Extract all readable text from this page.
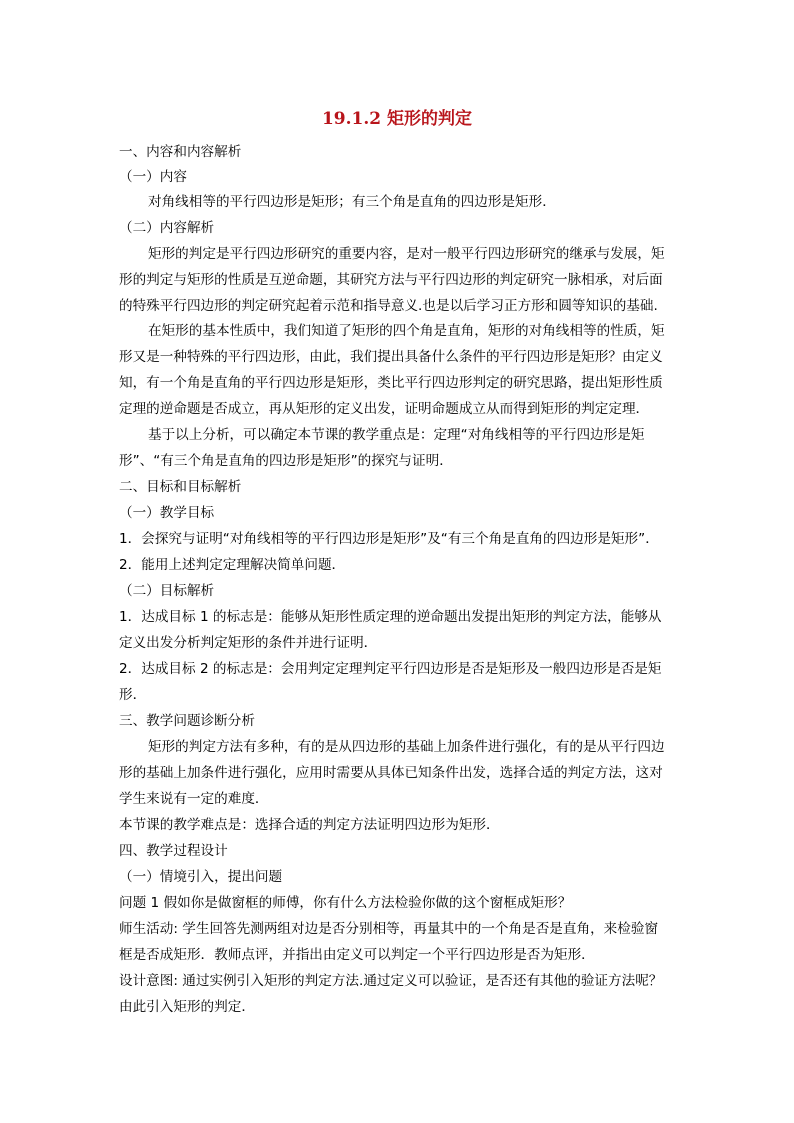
19.1.2 矩形的判定
一、内容和内容解析
（一）内容
对角线相等的平行四边形是矩形；有三个角是直角的四边形是矩形．
（二）内容解析
矩形的判定是平行四边形研究的重要内容，是对一般平行四边形研究的继承与发展，矩
形的判定与矩形的性质是互逆命题，其研究方法与平行四边形的判定研究一脉相承，对后面
的特殊平行四边形的判定研究起着示范和指导意义.也是以后学习正方形和圆等知识的基础.
在矩形的基本性质中，我们知道了矩形的四个角是直角，矩形的对角线相等的性质，矩
形又是一种特殊的平行四边形，由此，我们提出具备什么条件的平行四边形是矩形？由定义
知，有一个角是直角的平行四边形是矩形，类比平行四边形判定的研究思路，提出矩形性质
定理的逆命题是否成立，再从矩形的定义出发，证明命题成立从而得到矩形的判定定理．
基于以上分析，可以确定本节课的教学重点是：定理“对角线相等的平行四边形是矩
形”、“有三个角是直角的四边形是矩形”的探究与证明．
二、目标和目标解析
（一）教学目标
1．会探究与证明“对角线相等的平行四边形是矩形”及“有三个角是直角的四边形是矩形”．
2．能用上述判定定理解决简单问题．
（二）目标解析
1．达成目标 1 的标志是：能够从矩形性质定理的逆命题出发提出矩形的判定方法，能够从
定义出发分析判定矩形的条件并进行证明．
2．达成目标 2 的标志是：会用判定定理判定平行四边形是否是矩形及一般四边形是否是矩
形．
三、教学问题诊断分析
矩形的判定方法有多种，有的是从四边形的基础上加条件进行强化，有的是从平行四边
形的基础上加条件进行强化，应用时需要从具体已知条件出发，选择合适的判定方法，这对
学生来说有一定的难度．
本节课的教学难点是：选择合适的判定方法证明四边形为矩形．
四、教学过程设计
（一）情境引入，提出问题
问题 1 假如你是做窗框的师傅，你有什么方法检验你做的这个窗框成矩形？
师生活动: 学生回答先测两组对边是否分别相等，再量其中的一个角是否是直角，来检验窗
框是否成矩形．教师点评，并指出由定义可以判定一个平行四边形是否为矩形．
设计意图: 通过实例引入矩形的判定方法.通过定义可以验证，是否还有其他的验证方法呢？
由此引入矩形的判定．
